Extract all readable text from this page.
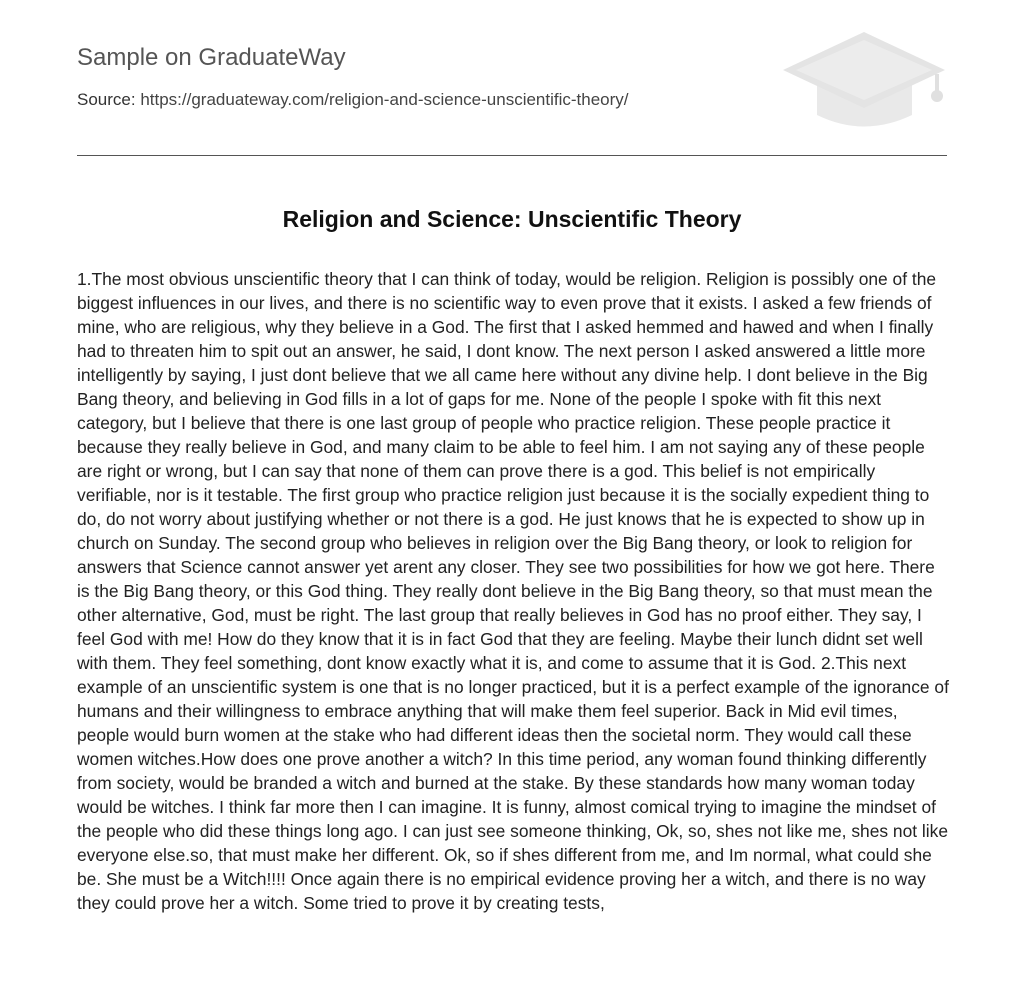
Sample on GraduateWay
Source: https://graduateway.com/religion-and-science-unscientific-theory/
Religion and Science: Unscientific Theory

1.The most obvious unscientific theory that I can think of today, would be religion. Religion is possibly one of the biggest influences in our lives, and there is no scientific way to even prove that it exists. I asked a few friends of mine, who are religious, why they believe in a God. The first that I asked hemmed and hawed and when I finally had to threaten him to spit out an answer, he said, I dont know. The next person I asked answered a little more intelligently by saying, I just dont believe that we all came here without any divine help. I dont believe in the Big Bang theory, and believing in God fills in a lot of gaps for me. None of the people I spoke with fit this next category, but I believe that there is one last group of people who practice religion. These people practice it because they really believe in God, and many claim to be able to feel him. I am not saying any of these people are right or wrong, but I can say that none of them can prove there is a god. This belief is not empirically verifiable, nor is it testable. The first group who practice religion just because it is the socially expedient thing to do, do not worry about justifying whether or not there is a god. He just knows that he is expected to show up in church on Sunday. The second group who believes in religion over the Big Bang theory, or look to religion for answers that Science cannot answer yet arent any closer. They see two possibilities for how we got here. There is the Big Bang theory, or this God thing. They really dont believe in the Big Bang theory, so that must mean the other alternative, God, must be right. The last group that really believes in God has no proof either. They say, I feel God with me! How do they know that it is in fact God that they are feeling. Maybe their lunch didnt set well with them. They feel something, dont know exactly what it is, and come to assume that it is God. 2.This next example of an unscientific system is one that is no longer practiced, but it is a perfect example of the ignorance of humans and their willingness to embrace anything that will make them feel superior. Back in Mid evil times, people would burn women at the stake who had different ideas then the societal norm. They would call these women witches.How does one prove another a witch? In this time period, any woman found thinking differently from society, would be branded a witch and burned at the stake. By these standards how many woman today would be witches. I think far more then I can imagine. It is funny, almost comical trying to imagine the mindset of the people who did these things long ago. I can just see someone thinking, Ok, so, shes not like me, shes not like everyone else.so, that must make her different. Ok, so if shes different from me, and Im normal, what could she be. She must be a Witch!!!! Once again there is no empirical evidence proving her a witch, and there is no way they could prove her a witch. Some tried to prove it by creating tests,
